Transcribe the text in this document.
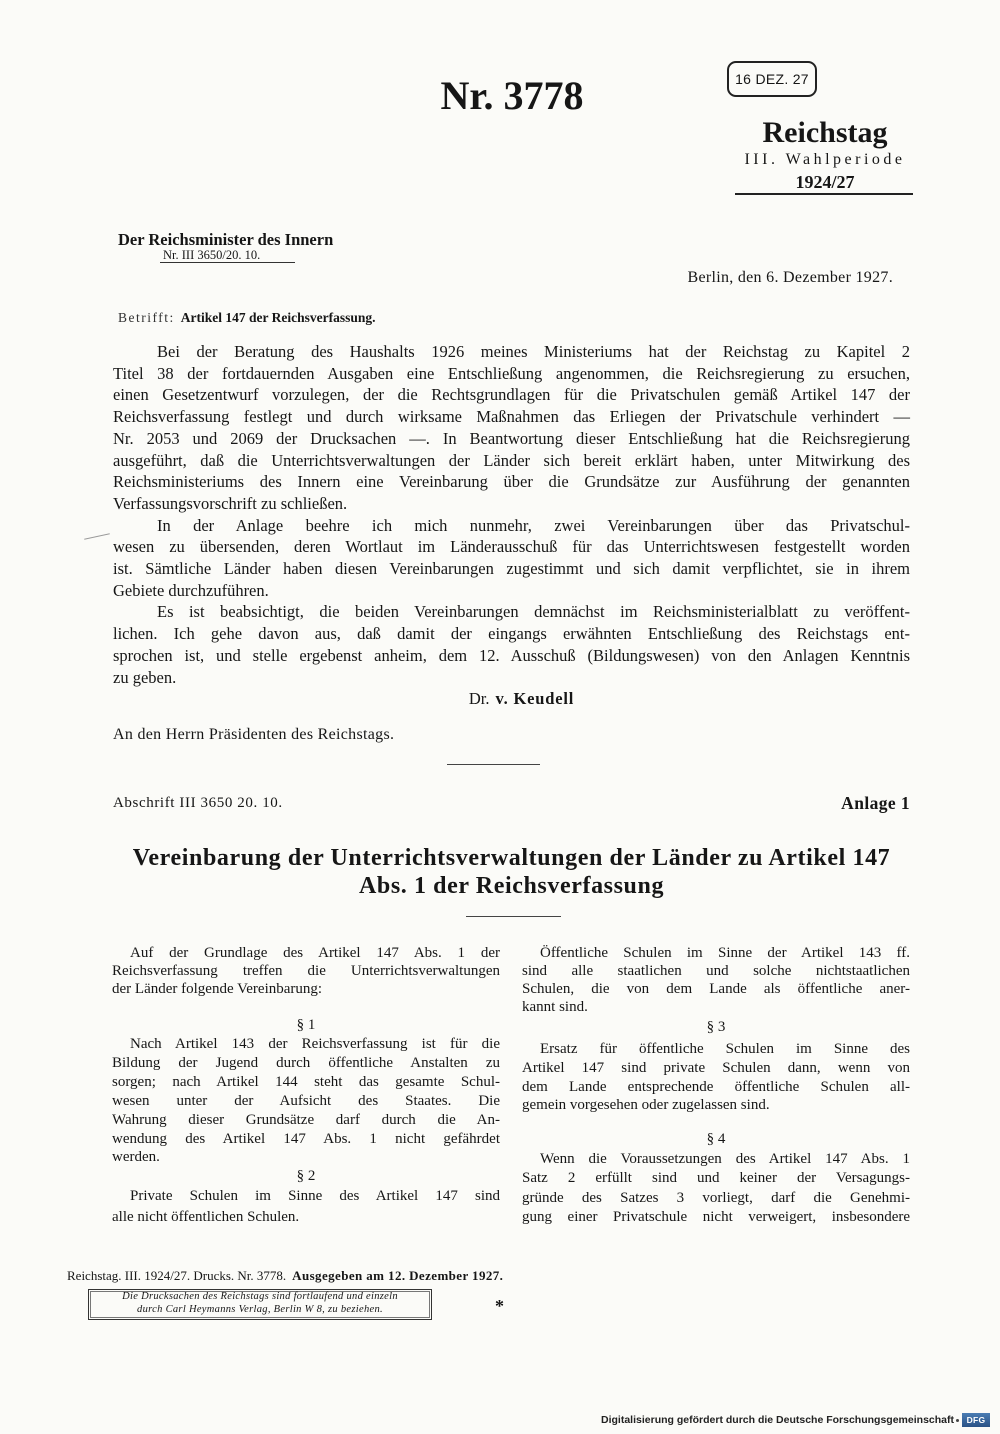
Nr. 3778	16 DEZ. 27
Reichstag
III. Wahlperiode
1924/27
Der Reichsminister des Innern
Nr. III 3650/20. 10.
Berlin, den 6. Dezember 1927.
Betrifft: Artikel 147 der Reichsverfassung.
Bei der Beratung des Haushalts 1926 meines Ministeriums hat der Reichstag zu Kapitel 2
Titel 38 der fortdauernden Ausgaben eine Entschließung angenommen, die Reichsregierung zu ersuchen,
einen Gesetzentwurf vorzulegen, der die Rechtsgrundlagen für die Privatschulen gemäß Artikel 147 der
Reichsverfassung festlegt und durch wirksame Maßnahmen das Erliegen der Privatschule verhindert —
Nr. 2053 und 2069 der Drucksachen —. In Beantwortung dieser Entschließung hat die Reichsregierung
ausgeführt, daß die Unterrichtsverwaltungen der Länder sich bereit erklärt haben, unter Mitwirkung des
Reichsministeriums des Innern eine Vereinbarung über die Grundsätze zur Ausführung der genannten
Verfassungsvorschrift zu schließen.
In der Anlage beehre ich mich nunmehr, zwei Vereinbarungen über das Privatschul-
wesen zu übersenden, deren Wortlaut im Länderausschuß für das Unterrichtswesen festgestellt worden
ist. Sämtliche Länder haben diesen Vereinbarungen zugestimmt und sich damit verpflichtet, sie in ihrem
Gebiete durchzuführen.
Es ist beabsichtigt, die beiden Vereinbarungen demnächst im Reichsministerialblatt zu veröffent-
lichen. Ich gehe davon aus, daß damit der eingangs erwähnten Entschließung des Reichstags ent-
sprochen ist, und stelle ergebenst anheim, dem 12. Ausschuß (Bildungswesen) von den Anlagen Kenntnis
zu geben.
Dr. v. Keudell
An den Herrn Präsidenten des Reichstags.
Abschrift III 3650 20. 10.	Anlage 1
Vereinbarung der Unterrichtsverwaltungen der Länder zu Artikel 147
Abs. 1 der Reichsverfassung
Auf der Grundlage des Artikel 147 Abs. 1 der
Reichsverfassung treffen die Unterrichtsverwaltungen
der Länder folgende Vereinbarung:
§ 1
Nach Artikel 143 der Reichsverfassung ist für die
Bildung der Jugend durch öffentliche Anstalten zu
sorgen; nach Artikel 144 steht das gesamte Schul-
wesen unter der Aufsicht des Staates. Die
Wahrung dieser Grundsätze darf durch die An-
wendung des Artikel 147 Abs. 1 nicht gefährdet
werden.
§ 2
Private Schulen im Sinne des Artikel 147 sind
alle nicht öffentlichen Schulen.
Öffentliche Schulen im Sinne der Artikel 143 ff.
sind alle staatlichen und solche nichtstaatlichen
Schulen, die von dem Lande als öffentliche aner-
kannt sind.
§ 3
Ersatz für öffentliche Schulen im Sinne des
Artikel 147 sind private Schulen dann, wenn von
dem Lande entsprechende öffentliche Schulen all-
gemein vorgesehen oder zugelassen sind.
§ 4
Wenn die Voraussetzungen des Artikel 147 Abs. 1
Satz 2 erfüllt sind und keiner der Versagungs-
gründe des Satzes 3 vorliegt, darf die Genehmi-
gung einer Privatschule nicht verweigert, insbesondere
Reichstag. III. 1924/27. Drucks. Nr. 3778. Ausgegeben am 12. Dezember 1927.
Die Drucksachen des Reichstags sind fortlaufend und einzeln
durch Carl Heymanns Verlag, Berlin W 8, zu beziehen.	*
Digitalisierung gefördert durch die Deutsche Forschungsgemeinschaft	DFG
